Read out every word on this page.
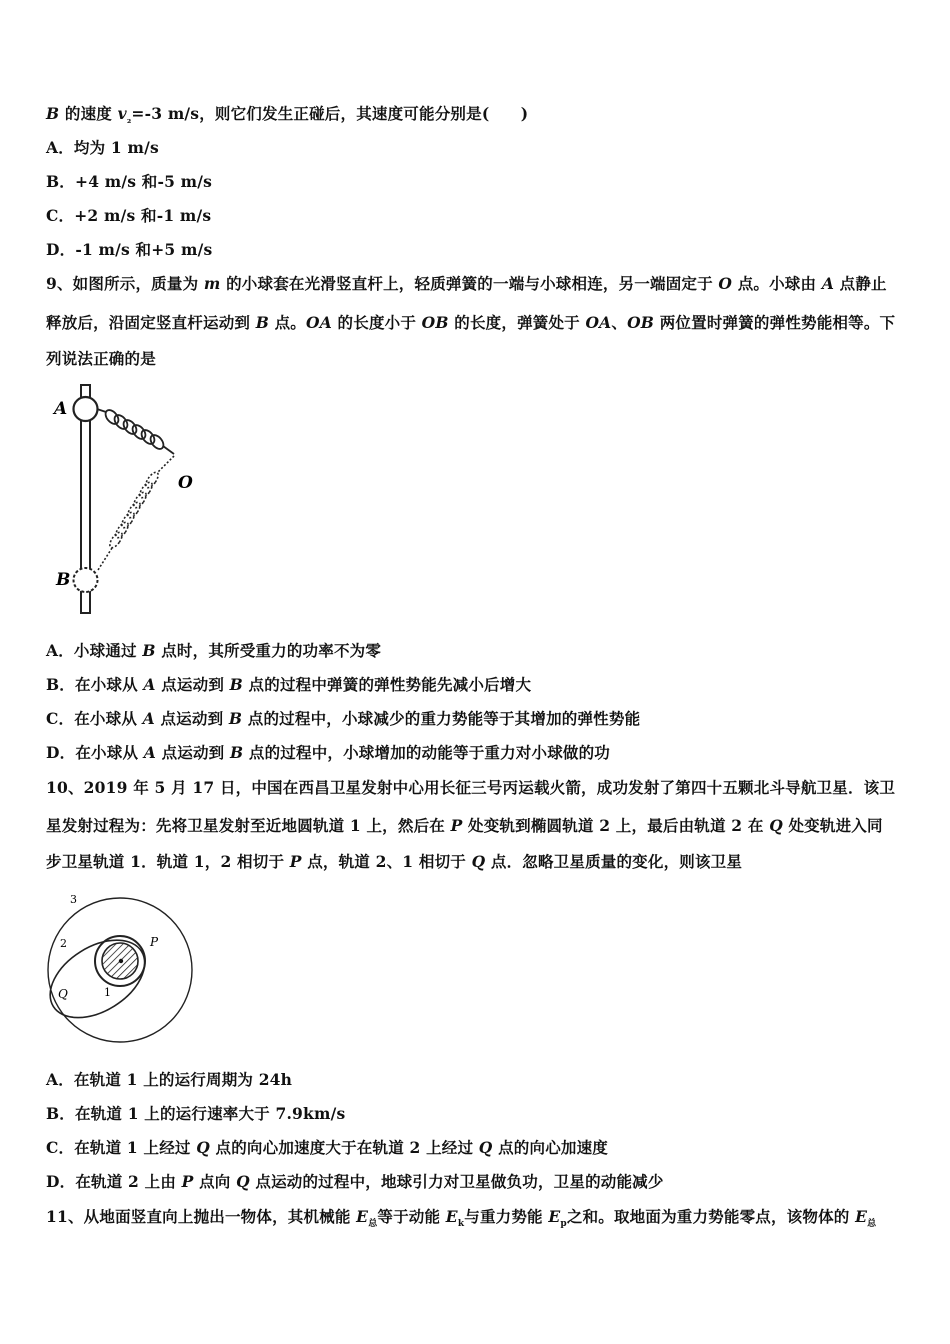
B 的速度 $v_{_2}=-3$ m/s，则它们发生正碰后，其速度可能分别是(　　)
A．均为 1 m/s
B．+4 m/s 和-5 m/s
C．+2 m/s 和-1 m/s
D．-1 m/s 和+5 m/s
9、如图所示，质量为 m 的小球套在光滑竖直杆上，轻质弹簧的一端与小球相连，另一端固定于 O 点。小球由 A 点静止
释放后，沿固定竖直杆运动到 B 点。OA 的长度小于 OB 的长度，弹簧处于 OA、OB 两位置时弹簧的弹性势能相等。下
列说法正确的是
A
O
B
A．小球通过 B 点时，其所受重力的功率不为零
B．在小球从 A 点运动到 B 点的过程中弹簧的弹性势能先减小后增大
C．在小球从 A 点运动到 B 点的过程中，小球减少的重力势能等于其增加的弹性势能
D．在小球从 A 点运动到 B 点的过程中，小球增加的动能等于重力对小球做的功
10、2019 年 5 月 17 日，中国在西昌卫星发射中心用长征三号丙运载火箭，成功发射了第四十五颗北斗导航卫星．该卫
星发射过程为：先将卫星发射至近地圆轨道 1 上，然后在 P 处变轨到椭圆轨道 2 上，最后由轨道 2 在 Q 处变轨进入同
步卫星轨道 1．轨道 1，2 相切于 P 点，轨道 2、1 相切于 Q 点．忽略卫星质量的变化，则该卫星
3
2	P
Q	1
A．在轨道 1 上的运行周期为 24h
B．在轨道 1 上的运行速率大于 7.9km/s
C．在轨道 1 上经过 Q 点的向心加速度大于在轨道 2 上经过 Q 点的向心加速度
D．在轨道 2 上由 P 点向 Q 点运动的过程中，地球引力对卫星做负功，卫星的动能减少
11、从地面竖直向上抛出一物体，其机械能 $E_总$等于动能 $E_k$与重力势能 $E_p$之和。取地面为重力势能零点，该物体的 $E_总$
